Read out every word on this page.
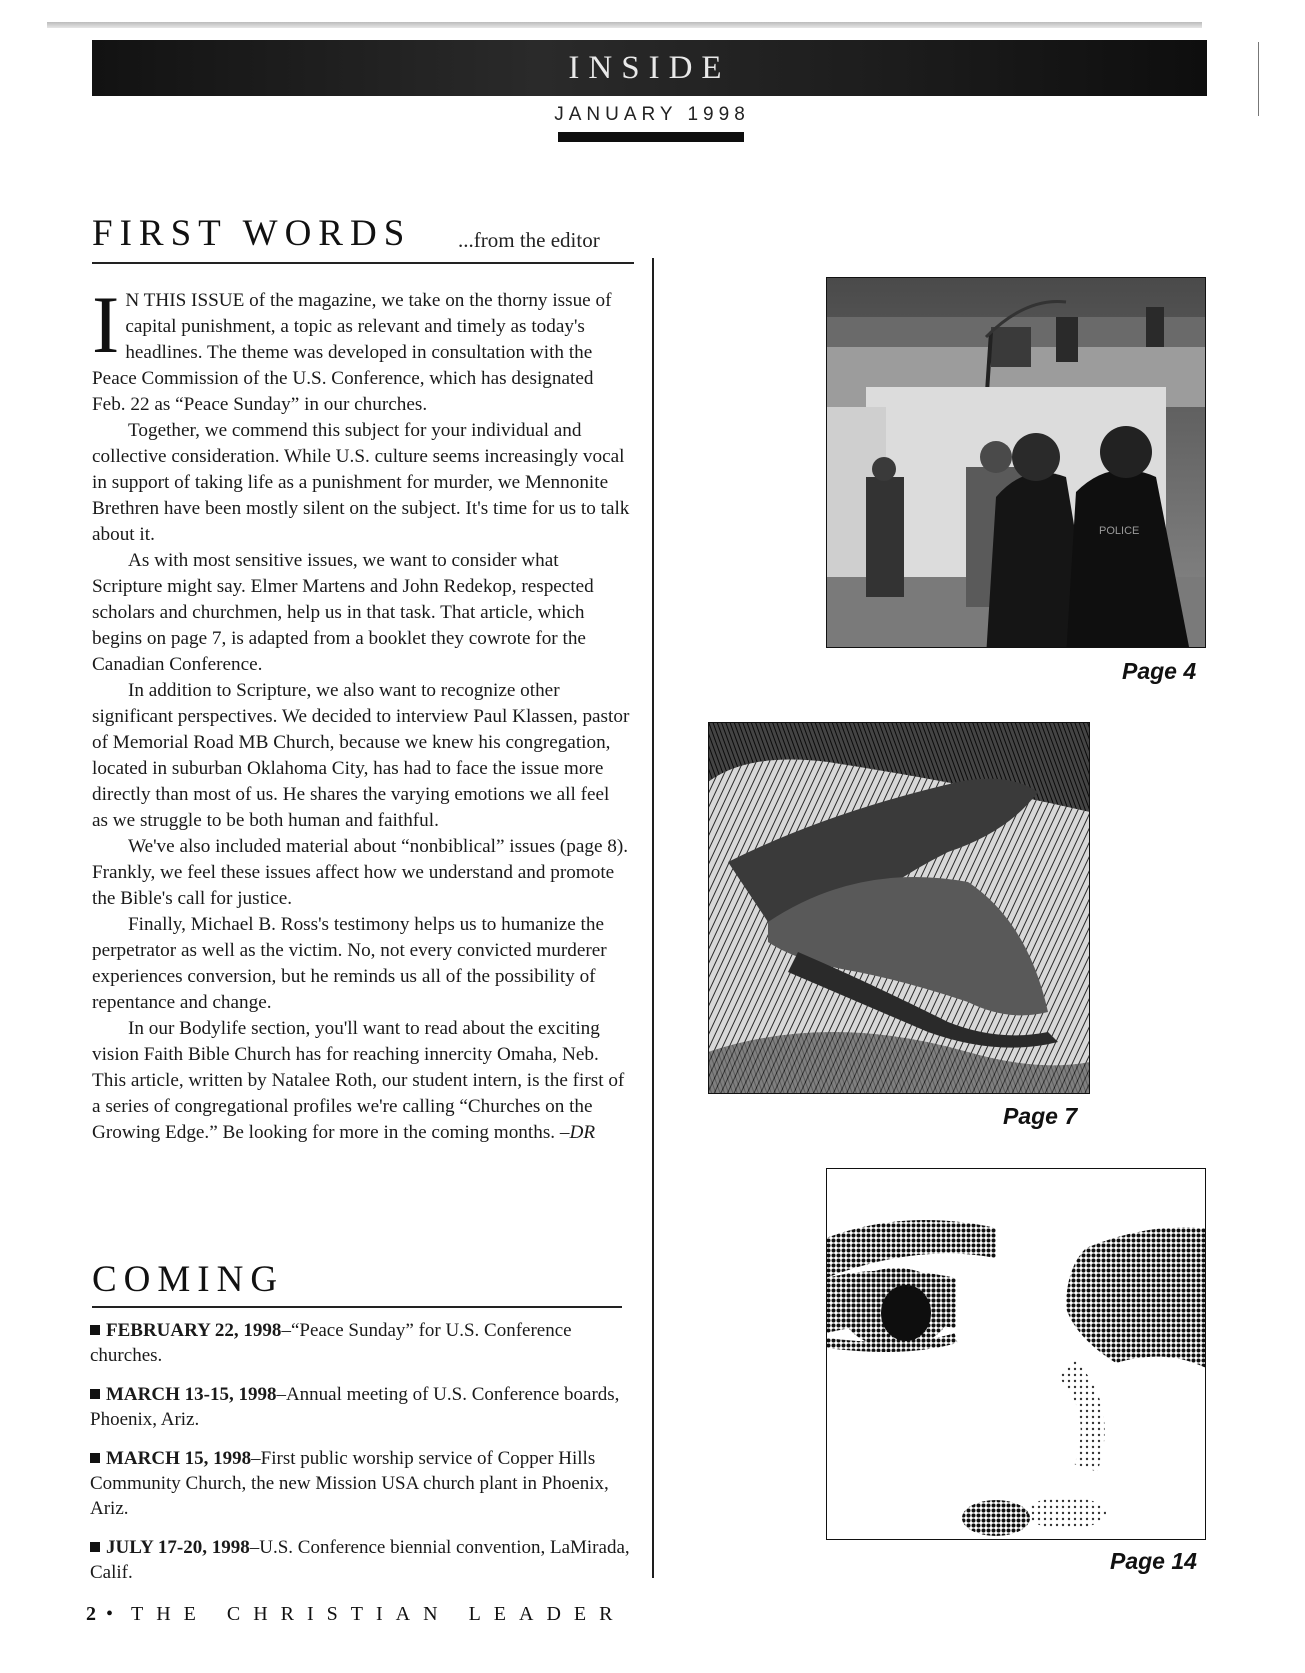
INSIDE
JANUARY 1998
FIRST WORDS ...from the editor

I N THIS ISSUE of the magazine, we take on the thorny issue of capital punishment, a topic as relevant and timely as today's headlines. The theme was developed in consultation with the Peace Commission of the U.S. Conference, which has designated Feb. 22 as “Peace Sunday” in our churches.

Together, we commend this subject for your individual and collective consideration. While U.S. culture seems increasingly vocal in support of taking life as a punishment for murder, we Mennonite Brethren have been mostly silent on the subject. It's time for us to talk about it.

As with most sensitive issues, we want to consider what Scripture might say. Elmer Martens and John Redekop, respected scholars and churchmen, help us in that task. That article, which begins on page 7, is adapted from a booklet they cowrote for the Canadian Conference.

In addition to Scripture, we also want to recognize other significant perspectives. We decided to interview Paul Klassen, pastor of Memorial Road MB Church, because we knew his congregation, located in suburban Oklahoma City, has had to face the issue more directly than most of us. He shares the varying emotions we all feel as we struggle to be both human and faithful.

We've also included material about “nonbiblical” issues (page 8). Frankly, we feel these issues affect how we understand and promote the Bible's call for justice.

Finally, Michael B. Ross's testimony helps us to humanize the perpetrator as well as the victim. No, not every convicted murderer experiences conversion, but he reminds us all of the possibility of repentance and change.

In our Bodylife section, you'll want to read about the exciting vision Faith Bible Church has for reaching innercity Omaha, Neb. This article, written by Natalee Roth, our student intern, is the first of a series of congregational profiles we're calling “Churches on the Growing Edge.” Be looking for more in the coming months. –DR

COMING

FEBRUARY 22, 1998–“Peace Sunday” for U.S. Conference churches.

MARCH 13-15, 1998–Annual meeting of U.S. Conference boards, Phoenix, Ariz.

MARCH 15, 1998–First public worship service of Copper Hills Community Church, the new Mission USA church plant in Phoenix, Ariz.

JULY 17-20, 1998–U.S. Conference biennial convention, LaMirada, Calif.

POLICE
Page 4
Page 7
Page 14
2 • THE CHRISTIAN LEADER
